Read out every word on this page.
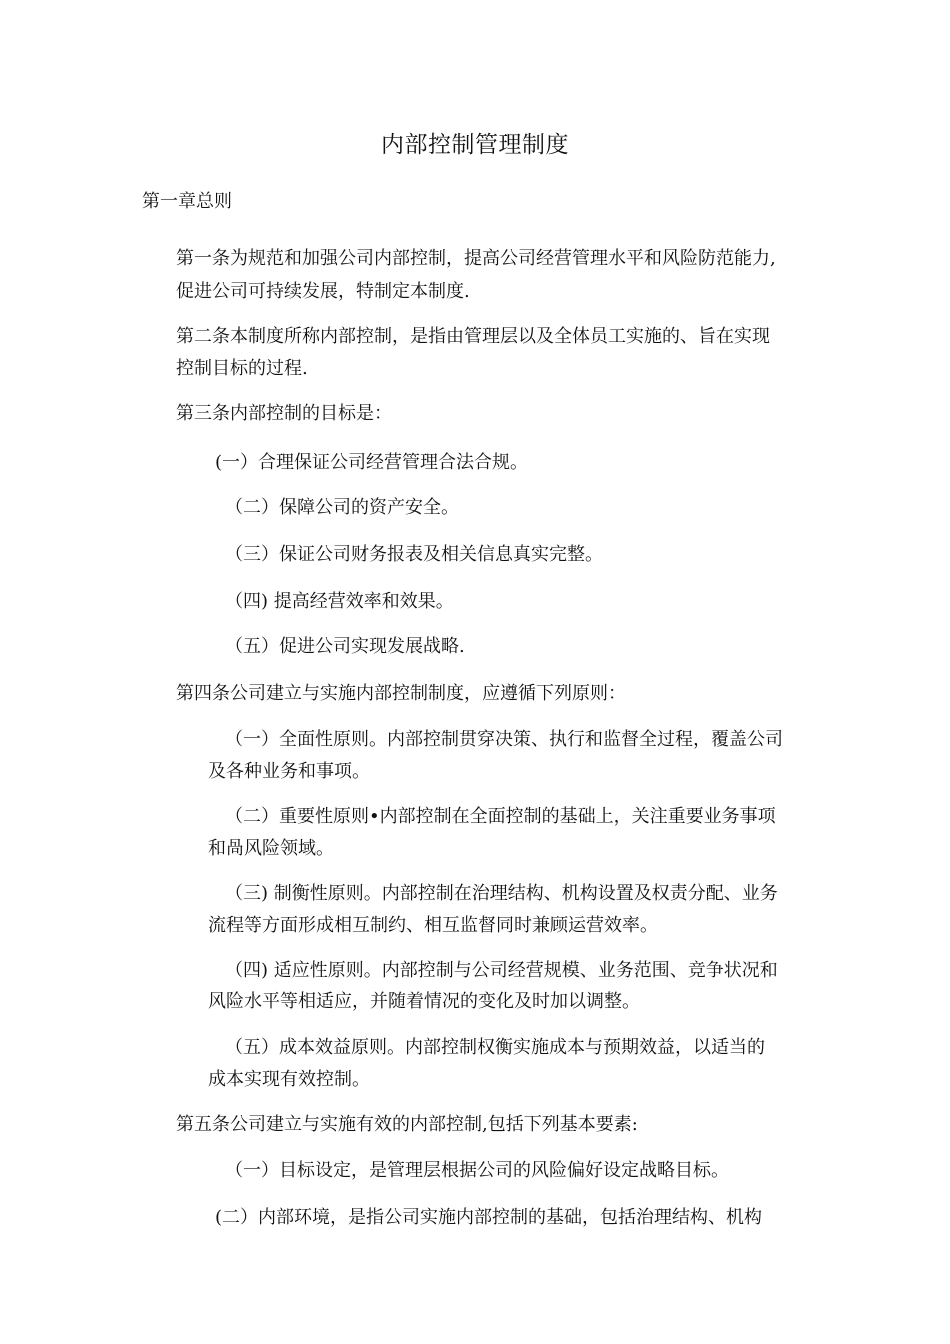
内部控制管理制度

第一章总则

第一条为规范和加强公司内部控制，提高公司经营管理水平和风险防范能力,

促进公司可持续发展，特制定本制度.

第二条本制度所称内部控制，是指由管理层以及全体员工实施的、旨在实现

控制目标的过程.

第三条内部控制的目标是：

(一）合理保证公司经营管理合法合规。

（二）保障公司的资产安全。

（三）保证公司财务报表及相关信息真实完整。

（四) 提高经营效率和效果。

（五）促进公司实现发展战略.

第四条公司建立与实施内部控制制度，应遵循下列原则：

（一）全面性原则。内部控制贯穿决策、执行和监督全过程，覆盖公司

及各种业务和事项。

（二）重要性原则•内部控制在全面控制的基础上，关注重要业务事项

和咼风险领域。

（三) 制衡性原则。内部控制在治理结构、机构设置及权责分配、业务

流程等方面形成相互制约、相互监督同时兼顾运营效率。

（四) 适应性原则。内部控制与公司经营规模、业务范围、竞争状况和

风险水平等相适应，并随着情况的变化及时加以调整。

（五）成本效益原则。内部控制权衡实施成本与预期效益，以适当的

成本实现有效控制。

第五条公司建立与实施有效的内部控制,包括下列基本要素:

（一）目标设定，是管理层根据公司的风险偏好设定战略目标。

(二）内部环境，是指公司实施内部控制的基础，包括治理结构、机构
